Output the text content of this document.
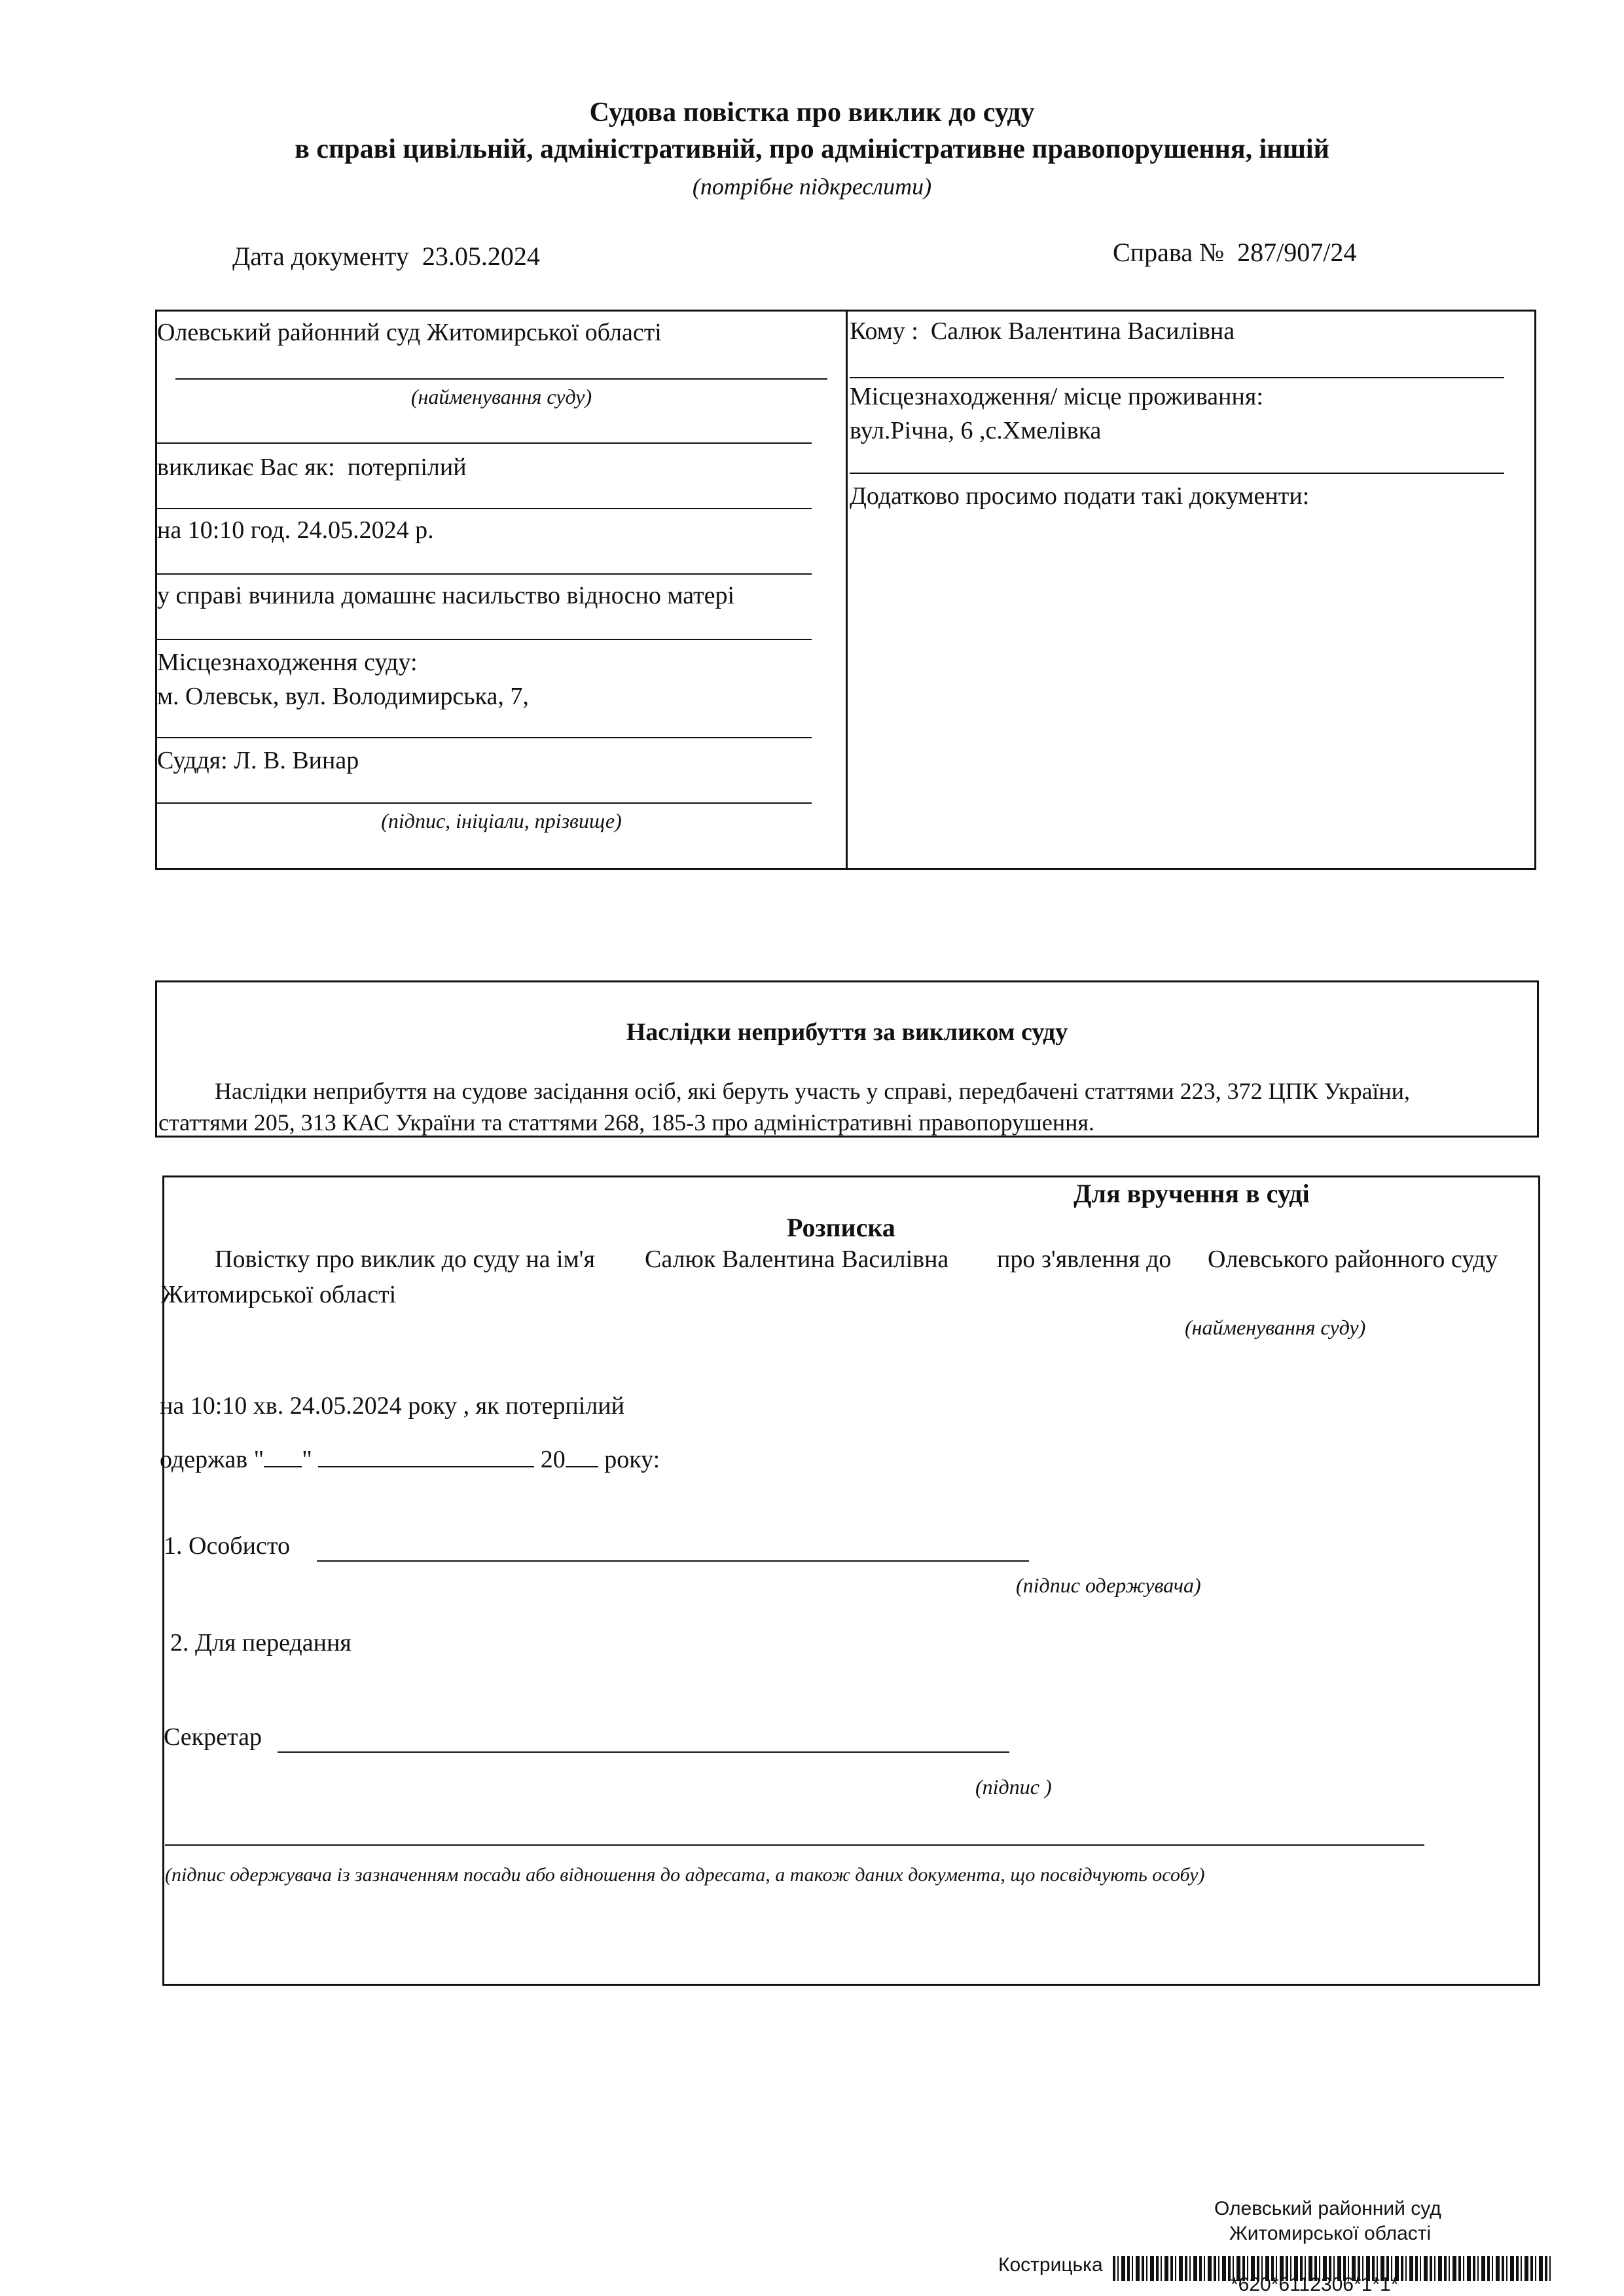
Судова повістка про виклик до суду
в справі цивільній, адміністративній, про адміністративне правопорушення, іншій
(потрібне підкреслити)
Дата документу 23.05.2024	Справа № 287/907/24
Олевський районний суд Житомирської області
(найменування суду)
викликає Вас як: потерпілий
на 10:10 год. 24.05.2024 р.
у справі вчинила домашнє насильство відносно матері
Місцезнаходження суду:
м. Олевськ, вул. Володимирська, 7,
Суддя: Л. В. Винар
(підпис, ініціали, прізвище)
Кому : Салюк Валентина Василівна
Місцезнаходження/ місце проживання:
вул.Річна, 6 ,с.Хмелівка
Додатково просимо подати такі документи:
Наслідки неприбуття за викликом суду
Наслідки неприбуття на судове засідання осіб, які беруть участь у справі, передбачені статтями 223, 372 ЦПК України,
статтями 205, 313 КАС України та статтями 268, 185-3 про адміністративні правопорушення.
Для вручення в суді
Розписка
Повістку про виклик до суду на ім'я Салюк Валентина Василівна про з'явлення до Олевського районного суду
Житомирської області
(найменування суду)
на 10:10 хв. 24.05.2024 року , як потерпілий
одержав " "	20 року:
1. Особисто
(підпис одержувача)
2. Для передання
Секретар
(підпис )
(підпис одержувача із зазначенням посади або відношення до адресата, а також даних документа, що посвідчують особу)
Олевський районний суд
Житомирської області
Кострицька
*620*6112306*1*1*
